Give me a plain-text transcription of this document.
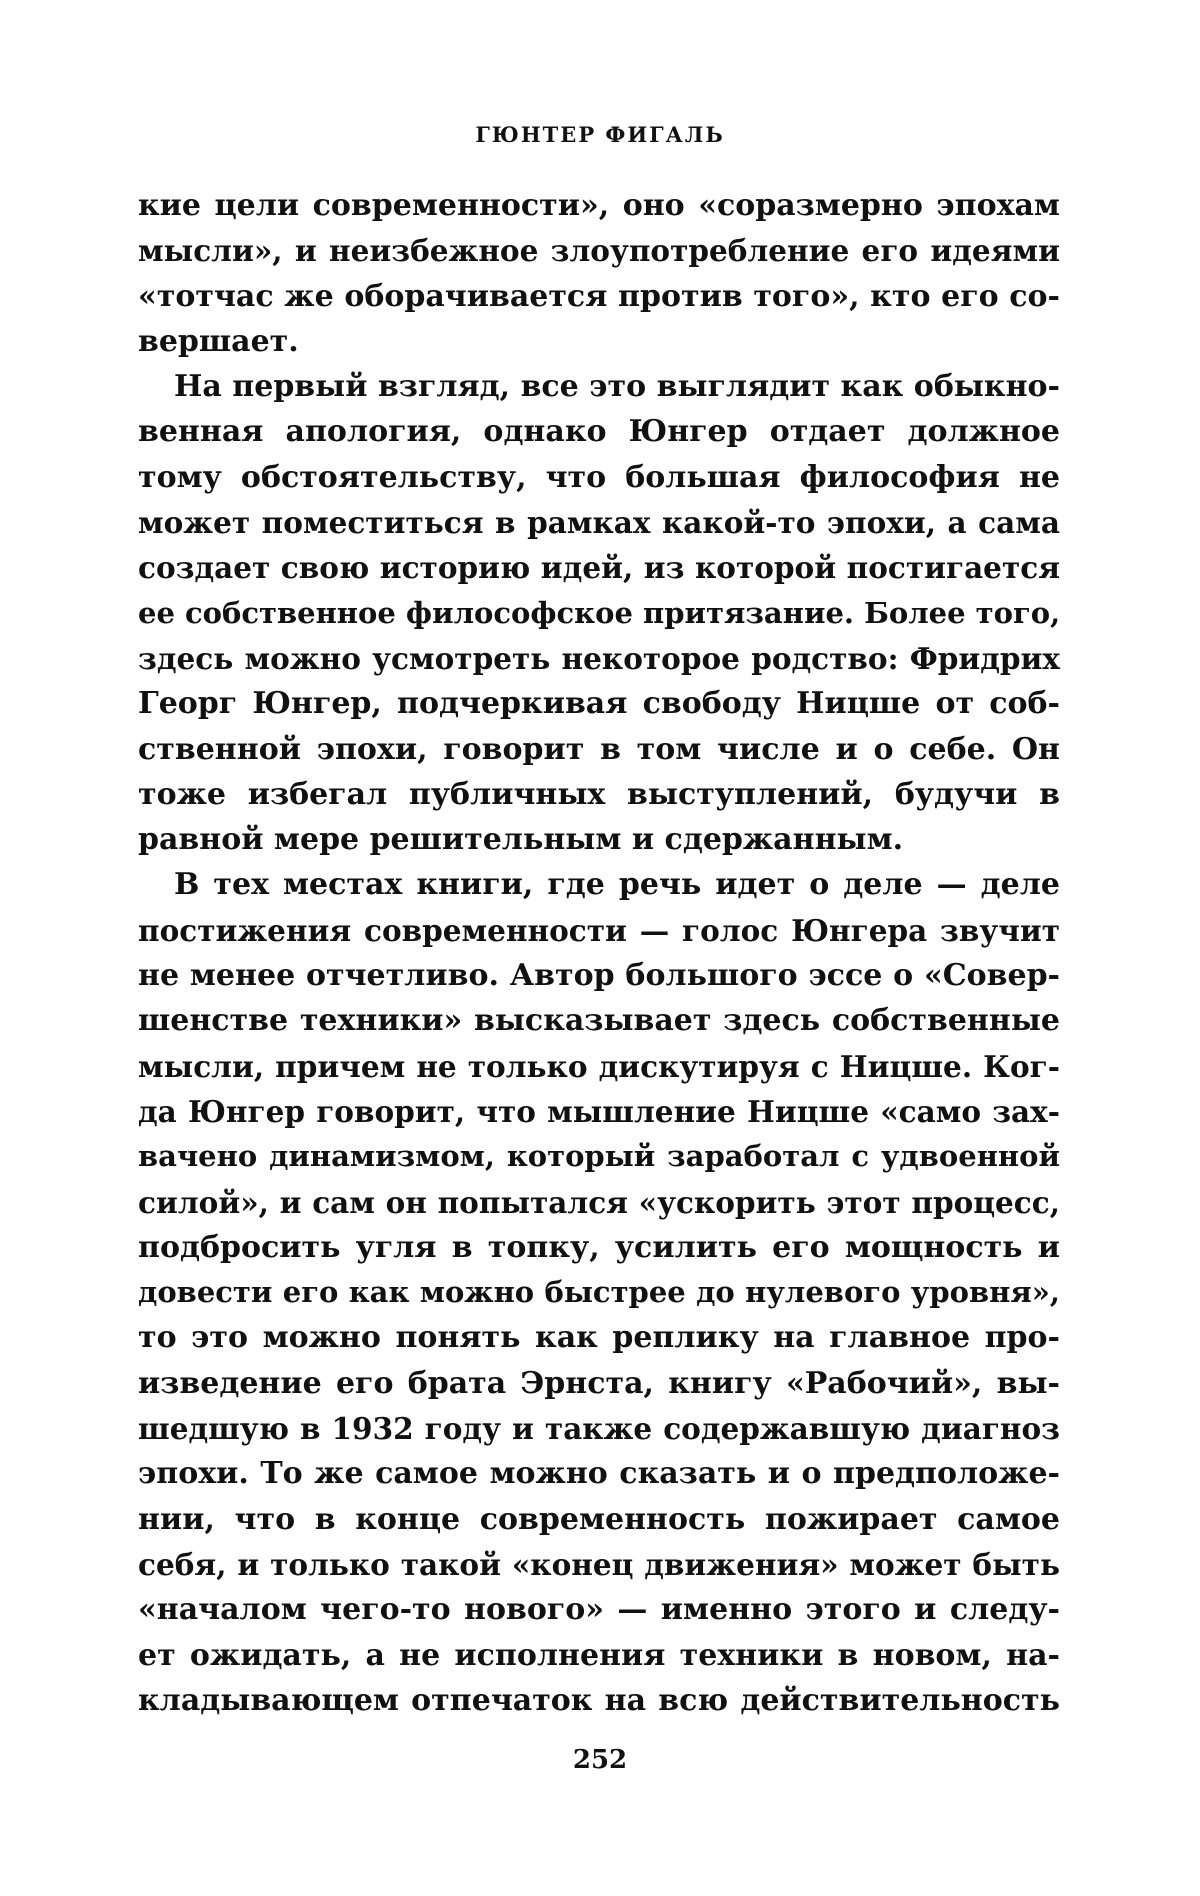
ГЮНТЕР ФИГАЛЬ
кие цели современности», оно «соразмерно эпохам
мысли», и неизбежное злоупотребление его идеями
«тотчас же оборачивается против того», кто его со-
вершает.
На первый взгляд, все это выглядит как обыкно-
венная апология, однако Юнгер отдает должное
тому обстоятельству, что большая философия не
может поместиться в рамках какой-то эпохи, а сама
создает свою историю идей, из которой постигается
ее собственное философское притязание. Более того,
здесь можно усмотреть некоторое родство: Фридрих
Георг Юнгер, подчеркивая свободу Ницше от соб-
ственной эпохи, говорит в том числе и о себе. Он
тоже избегал публичных выступлений, будучи в
равной мере решительным и сдержанным.
В тех местах книги, где речь идет о деле — деле
постижения современности — голос Юнгера звучит
не менее отчетливо. Автор большого эссе о «Совер-
шенстве техники» высказывает здесь собственные
мысли, причем не только дискутируя с Ницше. Ког-
да Юнгер говорит, что мышление Ницше «само зах-
вачено динамизмом, который заработал с удвоенной
силой», и сам он попытался «ускорить этот процесс,
подбросить угля в топку, усилить его мощность и
довести его как можно быстрее до нулевого уровня»,
то это можно понять как реплику на главное про-
изведение его брата Эрнста, книгу «Рабочий», вы-
шедшую в 1932 году и также содержавшую диагноз
эпохи. То же самое можно сказать и о предположе-
нии, что в конце современность пожирает самое
себя, и только такой «конец движения» может быть
«началом чего-то нового» — именно этого и следу-
ет ожидать, а не исполнения техники в новом, на-
кладывающем отпечаток на всю действительность
252
